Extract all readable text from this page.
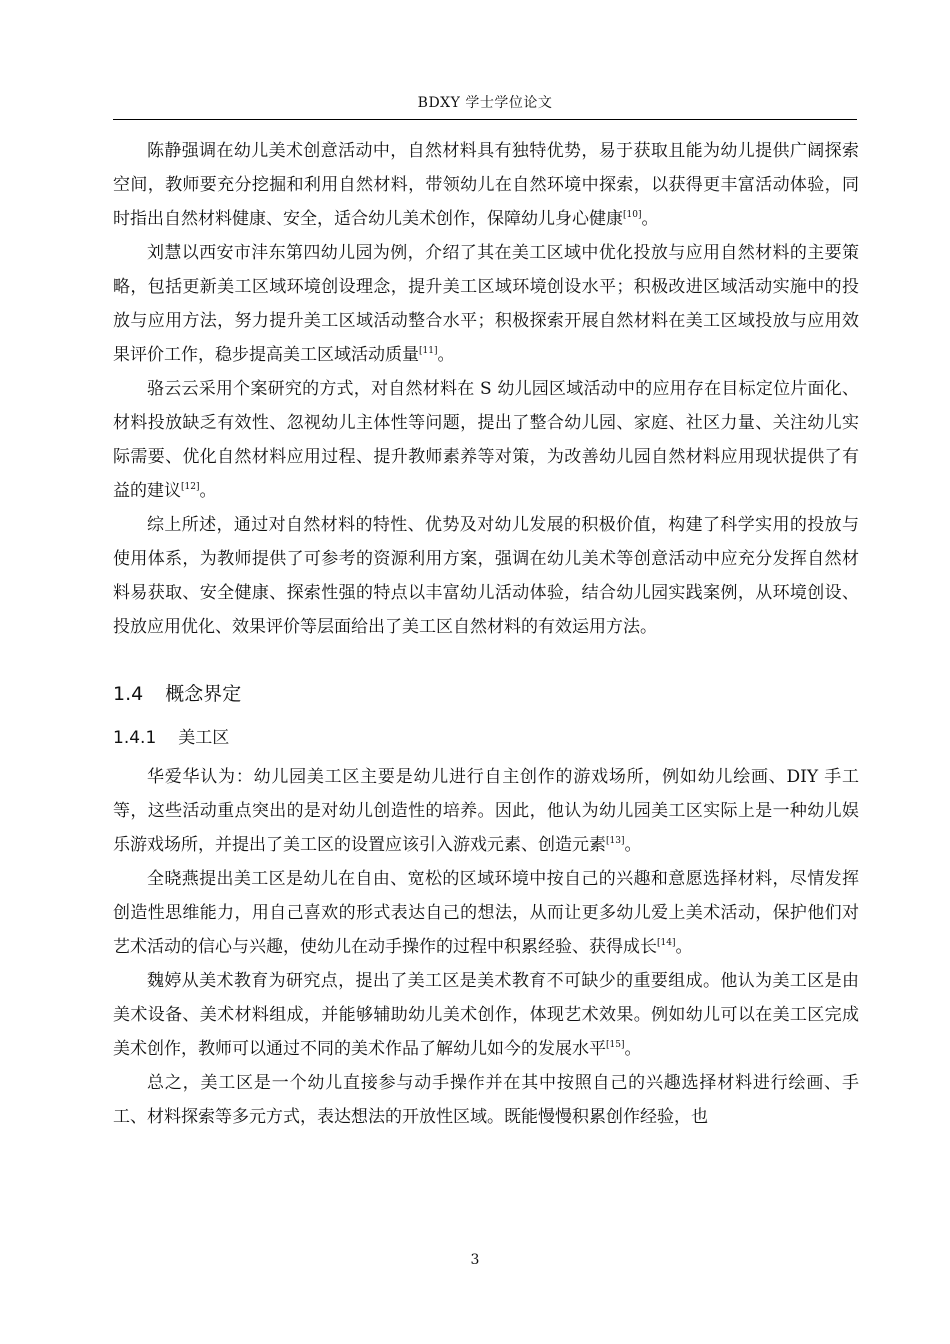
BDXY 学士学位论文

陈静强调在幼儿美术创意活动中，自然材料具有独特优势，易于获取且能为幼儿提供广阔探索空间，教师要充分挖掘和利用自然材料，带领幼儿在自然环境中探索，以获得更丰富活动体验，同时指出自然材料健康、安全，适合幼儿美术创作，保障幼儿身心健康[10]。

刘慧以西安市沣东第四幼儿园为例，介绍了其在美工区域中优化投放与应用自然材料的主要策略，包括更新美工区域环境创设理念，提升美工区域环境创设水平；积极改进区域活动实施中的投放与应用方法，努力提升美工区域活动整合水平；积极探索开展自然材料在美工区域投放与应用效果评价工作，稳步提高美工区域活动质量[11]。

骆云云采用个案研究的方式，对自然材料在 S 幼儿园区域活动中的应用存在目标定位片面化、材料投放缺乏有效性、忽视幼儿主体性等问题，提出了整合幼儿园、家庭、社区力量、关注幼儿实际需要、优化自然材料应用过程、提升教师素养等对策，为改善幼儿园自然材料应用现状提供了有益的建议[12]。

综上所述，通过对自然材料的特性、优势及对幼儿发展的积极价值，构建了科学实用的投放与使用体系，为教师提供了可参考的资源利用方案，强调在幼儿美术等创意活动中应充分发挥自然材料易获取、安全健康、探索性强的特点以丰富幼儿活动体验，结合幼儿园实践案例，从环境创设、投放应用优化、效果评价等层面给出了美工区自然材料的有效运用方法。

1.4 概念界定
1.4.1 美工区

华爱华认为：幼儿园美工区主要是幼儿进行自主创作的游戏场所，例如幼儿绘画、DIY 手工等，这些活动重点突出的是对幼儿创造性的培养。因此，他认为幼儿园美工区实际上是一种幼儿娱乐游戏场所，并提出了美工区的设置应该引入游戏元素、创造元素[13]。

全晓燕提出美工区是幼儿在自由、宽松的区域环境中按自己的兴趣和意愿选择材料，尽情发挥创造性思维能力，用自己喜欢的形式表达自己的想法，从而让更多幼儿爱上美术活动，保护他们对艺术活动的信心与兴趣，使幼儿在动手操作的过程中积累经验、获得成长[14]。

魏婷从美术教育为研究点，提出了美工区是美术教育不可缺少的重要组成。他认为美工区是由美术设备、美术材料组成，并能够辅助幼儿美术创作，体现艺术效果。例如幼儿可以在美工区完成美术创作，教师可以通过不同的美术作品了解幼儿如今的发展水平[15]。

总之，美工区是一个幼儿直接参与动手操作并在其中按照自己的兴趣选择材料进行绘画、手工、材料探索等多元方式，表达想法的开放性区域。既能慢慢积累创作经验，也

3
